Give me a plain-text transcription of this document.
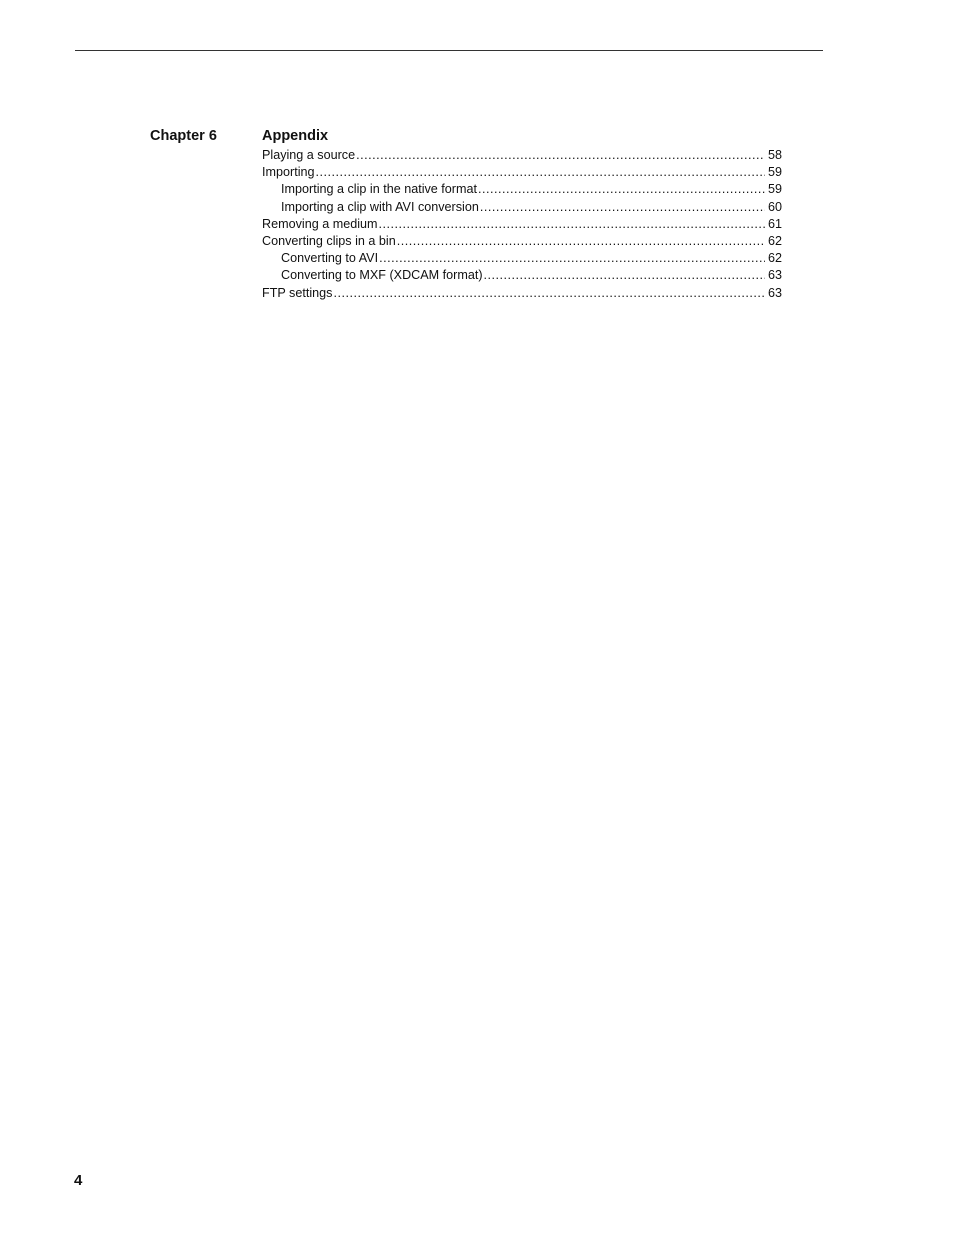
Chapter 6	Appendix
Playing a source .....	58
Importing .....	59
Importing a clip in the native format .....	59
Importing a clip with AVI conversion .....	60
Removing a medium .....	61
Converting clips in a bin .....	62
Converting to AVI .....	62
Converting to MXF (XDCAM format) .....	63
FTP settings .....	63
4
